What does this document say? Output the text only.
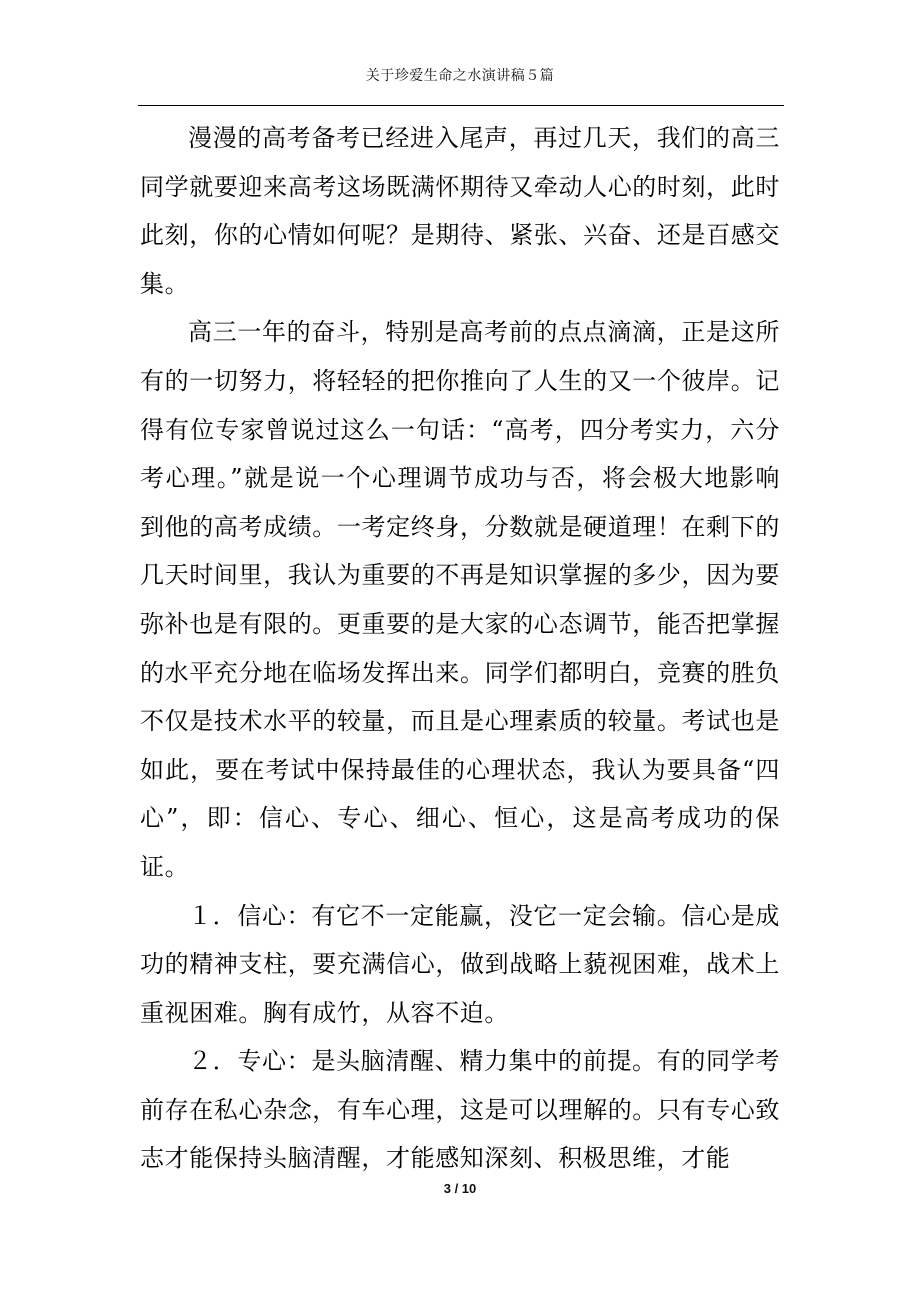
关于珍爱生命之水演讲稿５篇

漫漫的高考备考已经进入尾声，再过几天，我们的高三同学就要迎来高考这场既满怀期待又牵动人心的时刻，此时此刻，你的心情如何呢？是期待、紧张、兴奋、还是百感交集。

高三一年的奋斗，特别是高考前的点点滴滴，正是这所有的一切努力，将轻轻的把你推向了人生的又一个彼岸。记得有位专家曾说过这么一句话：“高考，四分考实力，六分考心理。”就是说一个心理调节成功与否，将会极大地影响到他的高考成绩。一考定终身，分数就是硬道理！在剩下的几天时间里，我认为重要的不再是知识掌握的多少，因为要弥补也是有限的。更重要的是大家的心态调节，能否把掌握的水平充分地在临场发挥出来。同学们都明白，竞赛的胜负不仅是技术水平的较量，而且是心理素质的较量。考试也是如此，要在考试中保持最佳的心理状态，我认为要具备“四心”，即：信心、专心、细心、恒心，这是高考成功的保证。

１．信心：有它不一定能赢，没它一定会输。信心是成功的精神支柱，要充满信心，做到战略上藐视困难，战术上重视困难。胸有成竹，从容不迫。

２．专心：是头脑清醒、精力集中的前提。有的同学考前存在私心杂念，有车心理，这是可以理解的。只有专心致志才能保持头脑清醒，才能感知深刻、积极思维，才能

3 / 10
